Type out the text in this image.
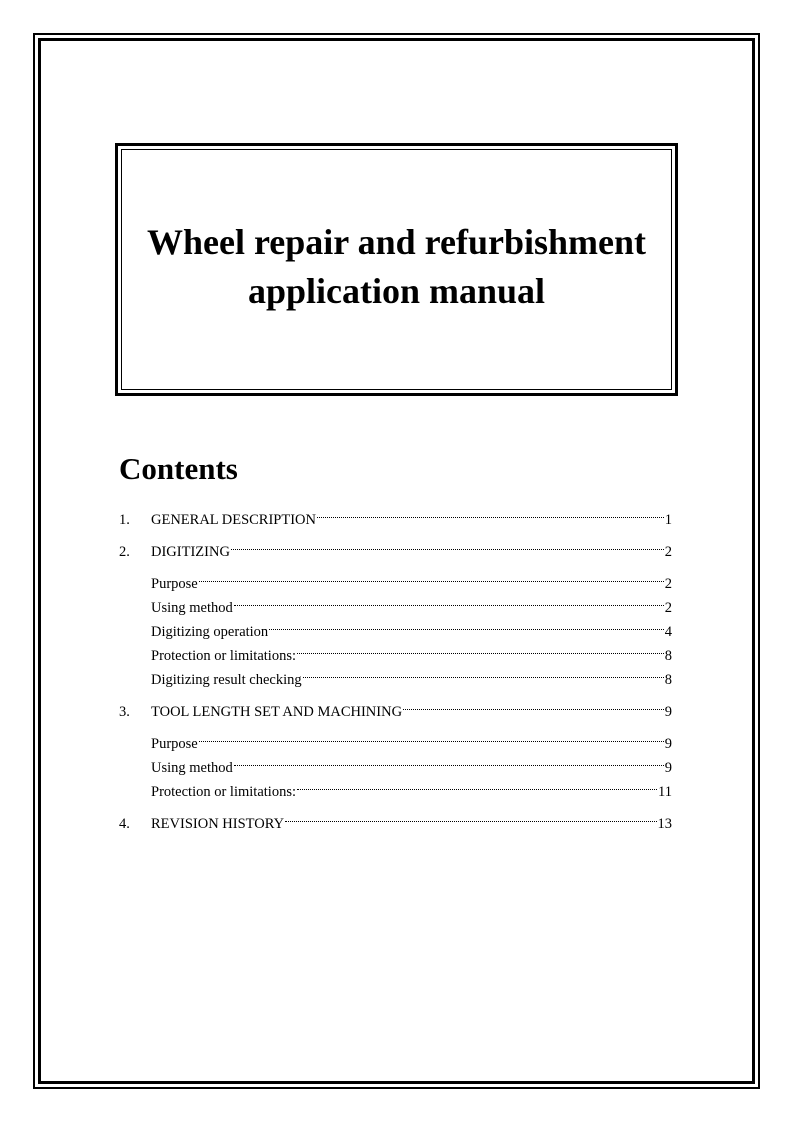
Wheel repair and refurbishment
application manual
Contents
1.	GENERAL DESCRIPTION	1
2.	DIGITIZING	2
Purpose	2
Using method	2
Digitizing operation	4
Protection or limitations:	8
Digitizing result checking	8
3.	TOOL LENGTH SET AND MACHINING	9
Purpose	9
Using method	9
Protection or limitations:	11
4.	REVISION HISTORY	13
